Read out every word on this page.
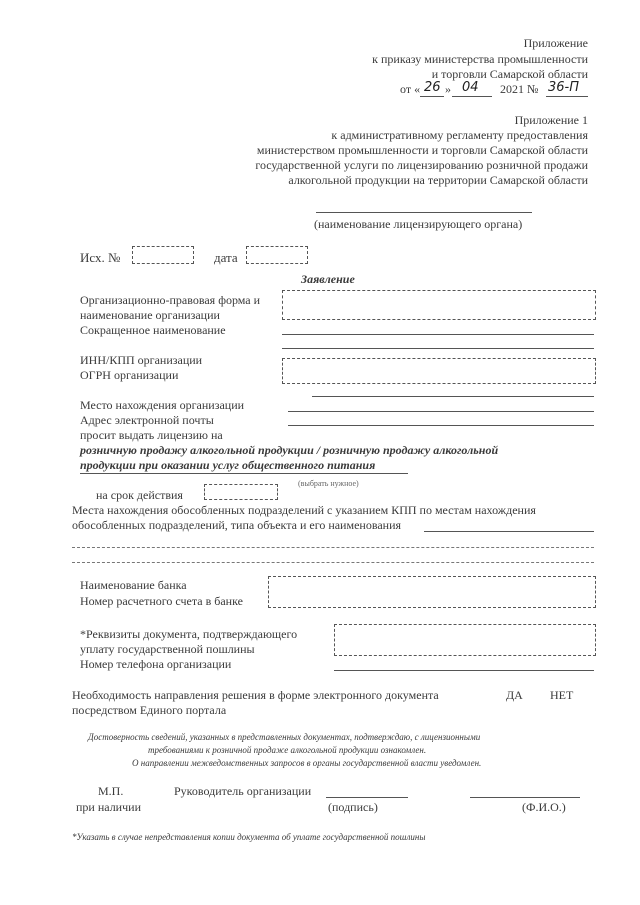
Приложение
к приказу министерства промышленности
и торговли Самарской области
от « 26 » 04 2021 № 36-П
Приложение 1
к административному регламенту предоставления
министерством промышленности и торговли Самарской области
государственной услуги по лицензированию розничной продажи
алкогольной продукции на территории Самарской области
(наименование лицензирующего органа)
Исх. №	дата
Заявление
Организационно-правовая форма и
наименование организации
Сокращенное наименование
ИНН/КПП организации
ОГРН организации
Место нахождения организации
Адрес электронной почты
просит выдать лицензию на
розничную продажу алкогольной продукции / розничную продажу алкогольной
продукции при оказании услуг общественного питания
(выбрать нужное)
на срок действия
Места нахождения обособленных подразделений с указанием КПП по местам нахождения
обособленных подразделений, типа объекта и его наименования
Наименование банка
Номер расчетного счета в банке
*Реквизиты документа, подтверждающего
уплату государственной пошлины
Номер телефона организации
Необходимость направления решения в форме электронного документа
посредством Единого портала
ДА НЕТ
Достоверность сведений, указанных в представленных документах, подтверждаю, с лицензионными
требованиями к розничной продаже алкогольной продукции ознакомлен.
О направлении межведомственных запросов в органы государственной власти уведомлен.
М.П.
при наличии
Руководитель организации
(подпись)	(Ф.И.О.)
*Указать в случае непредставления копии документа об уплате государственной пошлины
